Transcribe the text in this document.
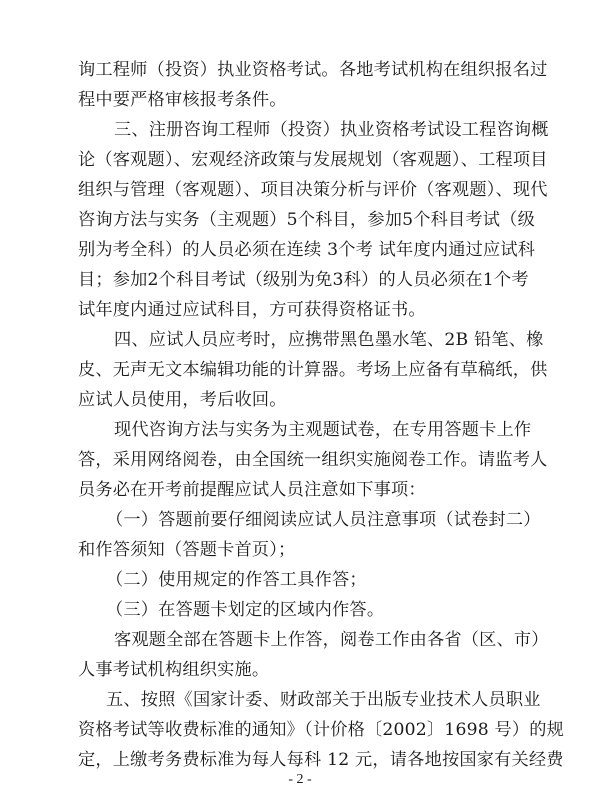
询工程师（投资）执业资格考试。各地考试机构在组织报名过
程中要严格审核报考条件。
三、注册咨询工程师（投资）执业资格考试设工程咨询概
论（客观题）、宏观经济政策与发展规划（客观题）、工程项目
组织与管理（客观题）、项目决策分析与评价（客观题）、现代
咨询方法与实务（主观题）5个科目，参加5个科目考试（级
别为考全科）的人员必须在连续 3个考 试年度内通过应试科
目；参加2个科目考试（级别为免3科）的人员必须在1个考
试年度内通过应试科目，方可获得资格证书。
四、应试人员应考时，应携带黑色墨水笔、2B 铅笔、橡
皮、无声无文本编辑功能的计算器。考场上应备有草稿纸，供
应试人员使用，考后收回。
现代咨询方法与实务为主观题试卷，在专用答题卡上作
答，采用网络阅卷，由全国统一组织实施阅卷工作。请监考人
员务必在开考前提醒应试人员注意如下事项：
（一）答题前要仔细阅读应试人员注意事项（试卷封二）
和作答须知（答题卡首页）；
（二）使用规定的作答工具作答；
（三）在答题卡划定的区域内作答。
客观题全部在答题卡上作答，阅卷工作由各省（区、市）
人事考试机构组织实施。
五、按照《国家计委、财政部关于出版专业技术人员职业
资格考试等收费标准的通知》（计价格〔2002〕1698 号）的规
定，上缴考务费标准为每人每科 12 元，请各地按国家有关经费
- 2 -
